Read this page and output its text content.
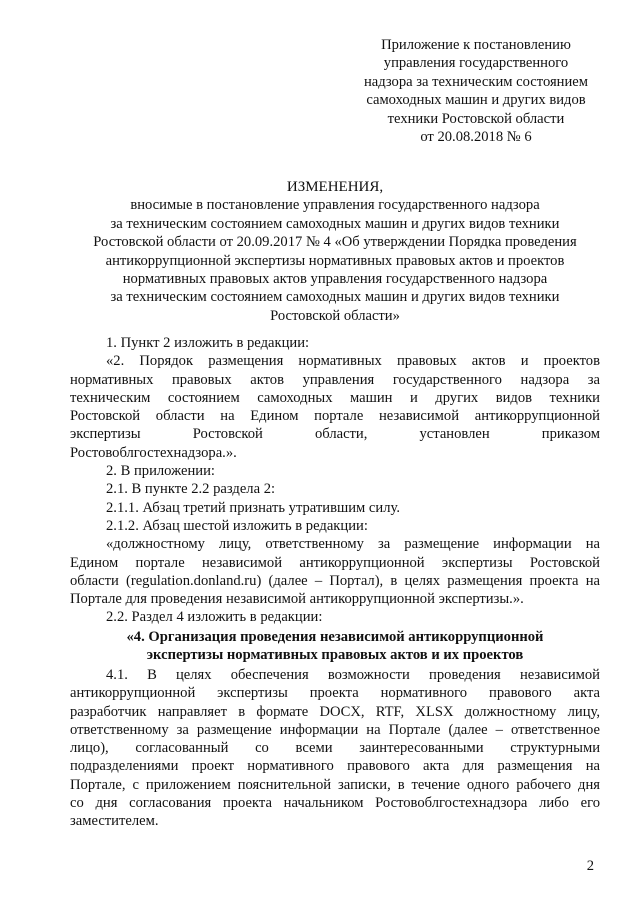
Приложение к постановлению
управления государственного
надзора за техническим состоянием
самоходных машин и других видов
техники Ростовской области
от 20.08.2018 № 6
ИЗМЕНЕНИЯ,
вносимые в постановление управления государственного надзора
за техническим состоянием самоходных машин и других видов техники
Ростовской области от 20.09.2017 № 4 «Об утверждении Порядка проведения
антикоррупционной экспертизы нормативных правовых актов и проектов
нормативных правовых актов управления государственного надзора
за техническим состоянием самоходных машин и других видов техники
Ростовской области»
1. Пункт 2 изложить в редакции:
«2. Порядок размещения нормативных правовых актов и проектов
нормативных правовых актов управления государственного надзора за
техническим состоянием самоходных машин и других видов техники
Ростовской области на Едином портале независимой антикоррупционной
экспертизы Ростовской области, установлен приказом
Ростовоблгостехнадзора.».
2. В приложении:
2.1. В пункте 2.2 раздела 2:
2.1.1. Абзац третий признать утратившим силу.
2.1.2. Абзац шестой изложить в редакции:
«должностному лицу, ответственному за размещение информации на
Едином портале независимой антикоррупционной экспертизы Ростовской
области (regulation.donland.ru) (далее – Портал), в целях размещения проекта на
Портале для проведения независимой антикоррупционной экспертизы.».
2.2. Раздел 4 изложить в редакции:
«4. Организация проведения независимой антикоррупционной
экспертизы нормативных правовых актов и их проектов
4.1. В целях обеспечения возможности проведения независимой
антикоррупционной экспертизы проекта нормативного правового акта
разработчик направляет в формате DOCX, RTF, XLSX должностному лицу,
ответственному за размещение информации на Портале (далее – ответственное
лицо), согласованный со всеми заинтересованными структурными
подразделениями проект нормативного правового акта для размещения на
Портале, с приложением пояснительной записки, в течение одного рабочего дня
со дня согласования проекта начальником Ростовоблгостехнадзора либо его
заместителем.
2
